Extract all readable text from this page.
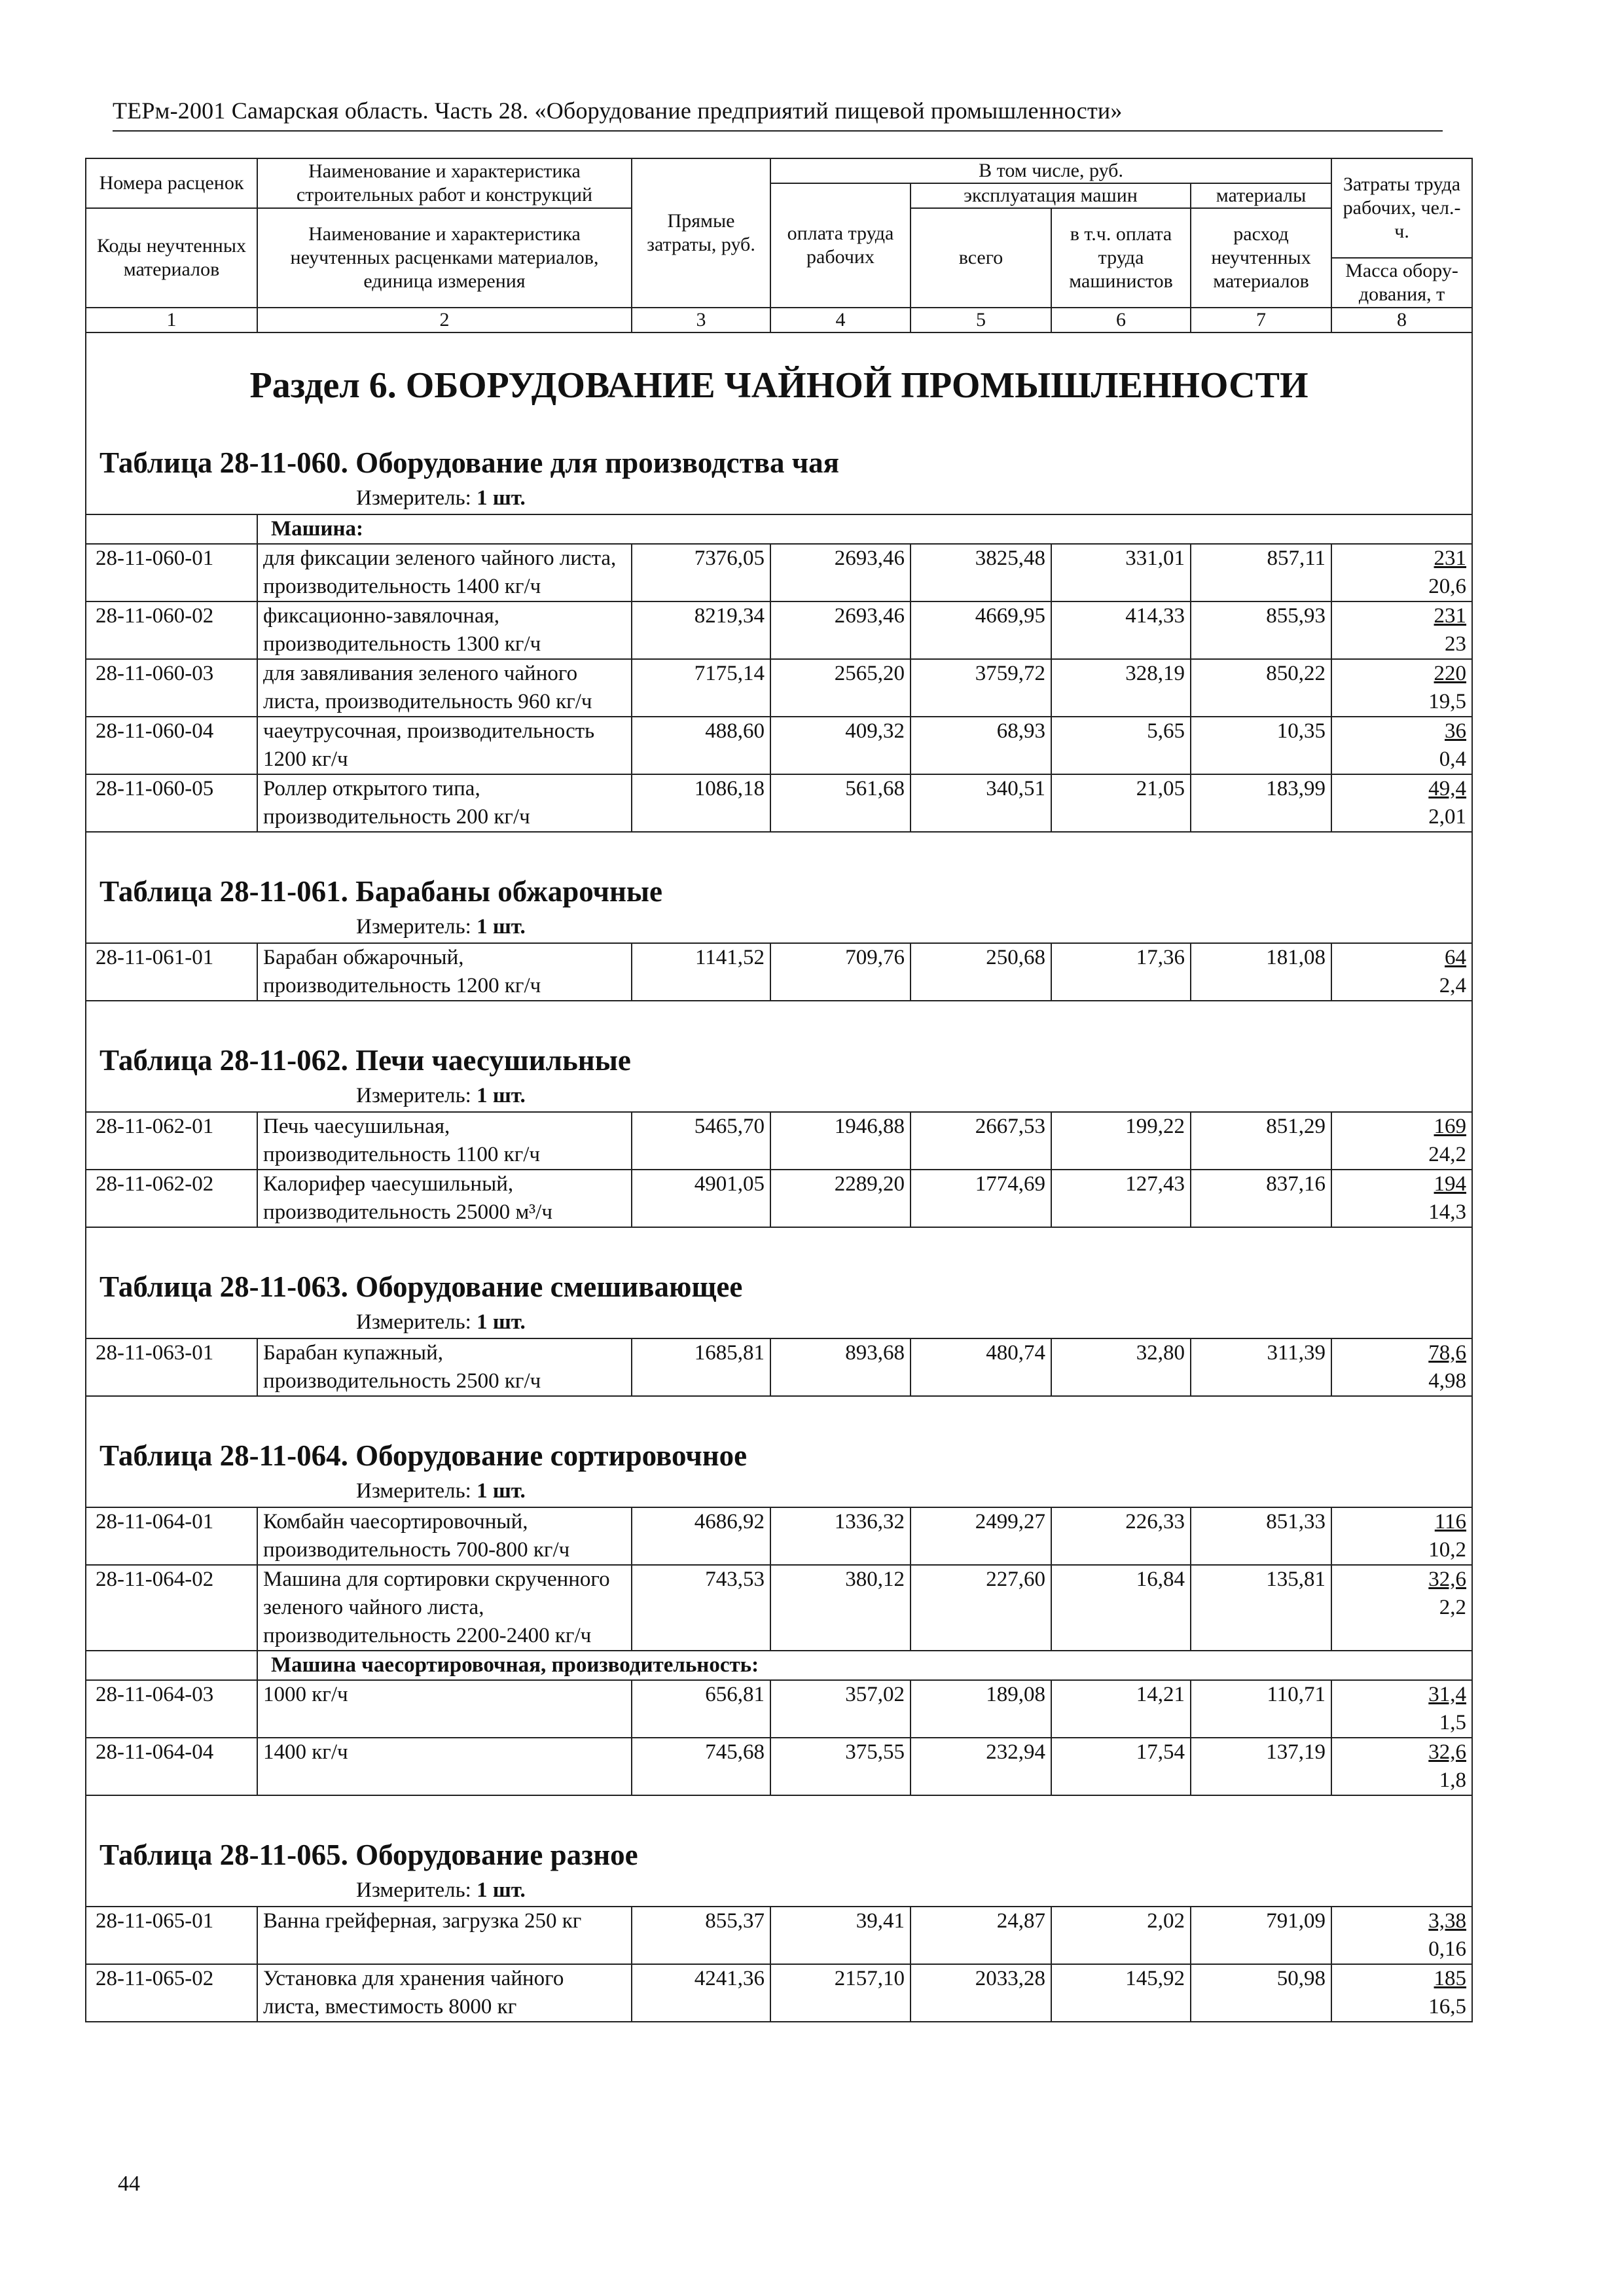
ТЕРм-2001 Самарская область. Часть 28. «Оборудование предприятий пищевой промышленности»
Номера расценок	Наименование и характеристика строительных работ и конструкций	Прямые затраты, руб.	В том числе, руб.				Затраты труда рабочих, чел.-ч.
			оплата труда рабочих	эксплуатация машин		материалы	
Коды неучтенных материалов	Наименование и характеристика неучтенных расценками материалов, единица измерения			всего	в т.ч. оплата труда машинистов	расход неучтенных материалов	
							Масса обору-дования, т
1	2	3	4	5	6	7	8

Раздел 6. ОБОРУДОВАНИЕ ЧАЙНОЙ ПРОМЫШЛЕННОСТИ							

Таблица 28-11-060. Оборудование для производства чая
Измеритель: 1 шт.							

	Машина:						
28-11-060-01	для фиксации зеленого чайного листа, производительность 1400 кг/ч	7376,05	2693,46	3825,48	331,01	857,11	231
20,6

28-11-060-02	фиксационно-завялочная, производительность 1300 кг/ч	8219,34	2693,46	4669,95	414,33	855,93	231
23

28-11-060-03	для завяливания зеленого чайного листа, производительность 960 кг/ч	7175,14	2565,20	3759,72	328,19	850,22	220
19,5

28-11-060-04	чаеутрусочная, производительность 1200 кг/ч	488,60	409,32	68,93	5,65	10,35	36
0,4

28-11-060-05	Роллер открытого типа, производительность 200 кг/ч	1086,18	561,68	340,51	21,05	183,99	49,4
2,01

Таблица 28-11-061. Барабаны обжарочные
Измеритель: 1 шт.							

28-11-061-01	Барабан обжарочный, производительность 1200 кг/ч	1141,52	709,76	250,68	17,36	181,08	64
2,4

Таблица 28-11-062. Печи чаесушильные
Измеритель: 1 шт.							

28-11-062-01	Печь чаесушильная, производительность 1100 кг/ч	5465,70	1946,88	2667,53	199,22	851,29	169
24,2

28-11-062-02	Калорифер чаесушильный, производительность 25000 м³/ч	4901,05	2289,20	1774,69	127,43	837,16	194
14,3

Таблица 28-11-063. Оборудование смешивающее
Измеритель: 1 шт.							

28-11-063-01	Барабан купажный, производительность 2500 кг/ч	1685,81	893,68	480,74	32,80	311,39	78,6
4,98

Таблица 28-11-064. Оборудование сортировочное
Измеритель: 1 шт.							

28-11-064-01	Комбайн чаесортировочный, производительность 700-800 кг/ч	4686,92	1336,32	2499,27	226,33	851,33	116
10,2

28-11-064-02	Машина для сортировки скрученного зеленого чайного листа, производительность 2200-2400 кг/ч	743,53	380,12	227,60	16,84	135,81	32,6
2,2

	Машина чаесортировочная, производительность:						
28-11-064-03	1000 кг/ч	656,81	357,02	189,08	14,21	110,71	31,4
1,5

28-11-064-04	1400 кг/ч	745,68	375,55	232,94	17,54	137,19	32,6
1,8

Таблица 28-11-065. Оборудование разное
Измеритель: 1 шт.							

28-11-065-01	Ванна грейферная, загрузка 250 кг	855,37	39,41	24,87	2,02	791,09	3,38
0,16

28-11-065-02	Установка для хранения чайного листа, вместимость 8000 кг	4241,36	2157,10	2033,28	145,92	50,98	185
16,5
44
